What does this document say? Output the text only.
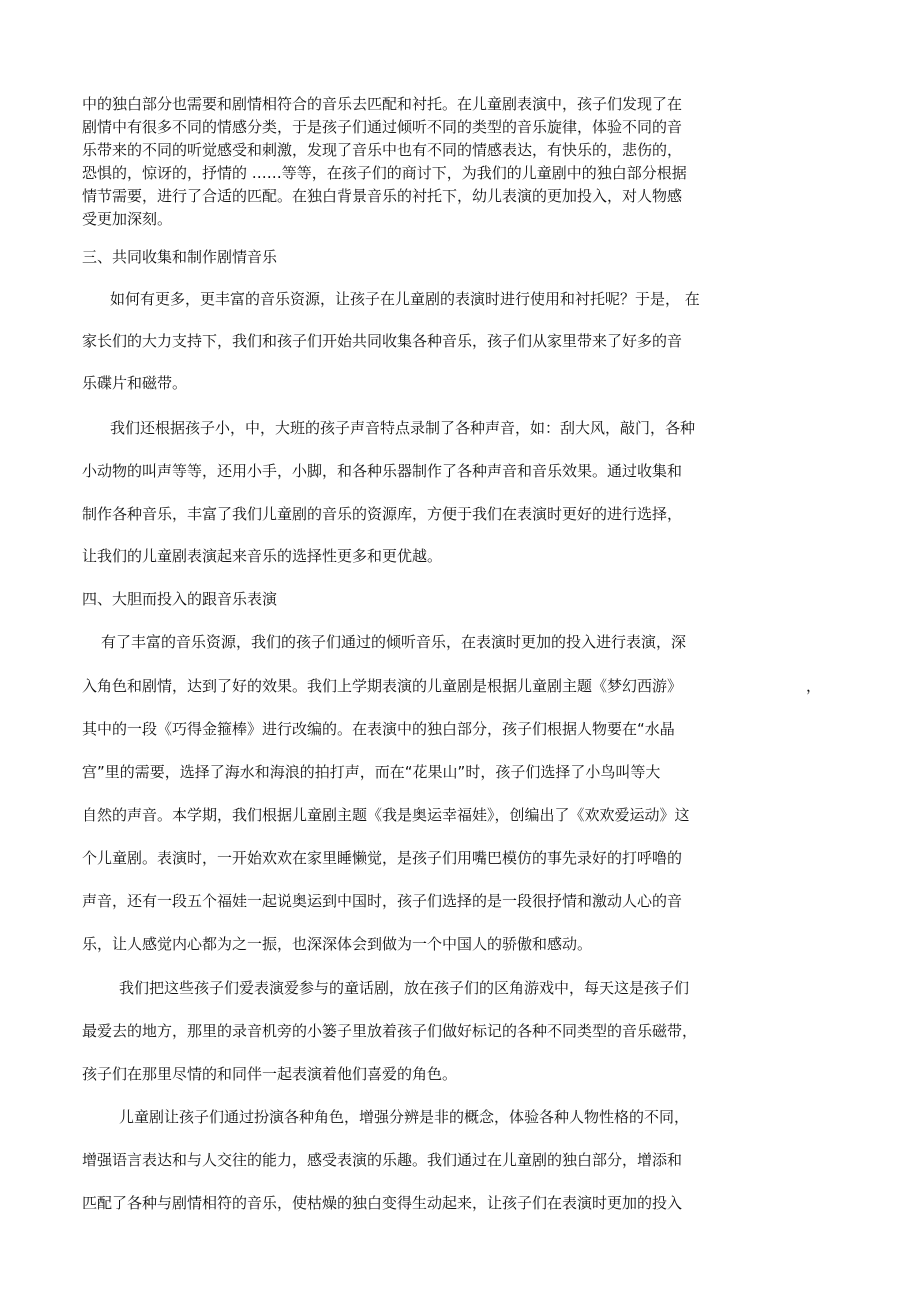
中的独白部分也需要和剧情相符合的音乐去匹配和衬托。在儿童剧表演中，孩子们发现了在

剧情中有很多不同的情感分类，于是孩子们通过倾听不同的类型的音乐旋律，体验不同的音

乐带来的不同的听觉感受和刺激，发现了音乐中也有不同的情感表达，有快乐的，悲伤的，

恐惧的，惊讶的，抒情的 ……等等，在孩子们的商讨下，为我们的儿童剧中的独白部分根据

情节需要，进行了合适的匹配。在独白背景音乐的衬托下，幼儿表演的更加投入，对人物感

受更加深刻。

三、共同收集和制作剧情音乐

如何有更多，更丰富的音乐资源，让孩子在儿童剧的表演时进行使用和衬托呢？于是， 在

家长们的大力支持下，我们和孩子们开始共同收集各种音乐，孩子们从家里带来了好多的音

乐碟片和磁带。

我们还根据孩子小，中，大班的孩子声音特点录制了各种声音，如：刮大风，敲门，各种

小动物的叫声等等，还用小手，小脚，和各种乐器制作了各种声音和音乐效果。通过收集和

制作各种音乐，丰富了我们儿童剧的音乐的资源库，方便于我们在表演时更好的进行选择，

让我们的儿童剧表演起来音乐的选择性更多和更优越。

四、大胆而投入的跟音乐表演

有了丰富的音乐资源，我们的孩子们通过的倾听音乐，在表演时更加的投入进行表演，深

入角色和剧情，达到了好的效果。我们上学期表演的儿童剧是根据儿童剧主题《梦幻西游》	，

其中的一段《巧得金箍棒》进行改编的。在表演中的独白部分，孩子们根据人物要在“水晶

宫”里的需要，选择了海水和海浪的拍打声，而在“花果山”时，孩子们选择了小鸟叫等大

自然的声音。本学期，我们根据儿童剧主题《我是奥运幸福娃》，创编出了《欢欢爱运动》这

个儿童剧。表演时，一开始欢欢在家里睡懒觉，是孩子们用嘴巴模仿的事先录好的打呼噜的

声音，还有一段五个福娃一起说奥运到中国时，孩子们选择的是一段很抒情和激动人心的音

乐，让人感觉内心都为之一振，也深深体会到做为一个中国人的骄傲和感动。

我们把这些孩子们爱表演爱参与的童话剧，放在孩子们的区角游戏中，每天这是孩子们

最爱去的地方，那里的录音机旁的小篓子里放着孩子们做好标记的各种不同类型的音乐磁带，

孩子们在那里尽情的和同伴一起表演着他们喜爱的角色。

儿童剧让孩子们通过扮演各种角色，增强分辨是非的概念，体验各种人物性格的不同，

增强语言表达和与人交往的能力，感受表演的乐趣。我们通过在儿童剧的独白部分，增添和

匹配了各种与剧情相符的音乐，使枯燥的独白变得生动起来，让孩子们在表演时更加的投入
